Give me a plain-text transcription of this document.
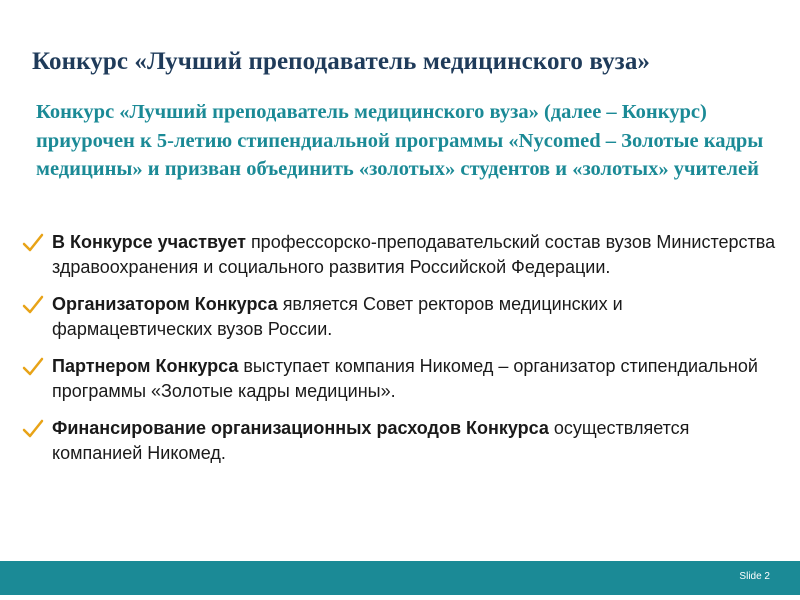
Конкурс «Лучший преподаватель медицинского вуза»
Конкурс «Лучший преподаватель медицинского вуза» (далее – Конкурс) приурочен к 5-летию стипендиальной программы «Nycomed – Золотые кадры медицины» и призван объединить «золотых» студентов и «золотых» учителей
В Конкурсе участвует профессорско-преподавательский состав вузов Министерства здравоохранения и социального развития Российской Федерации.
Организатором Конкурса является Совет ректоров медицинских и фармацевтических вузов России.
Партнером Конкурса выступает компания Никомед – организатор стипендиальной программы «Золотые кадры медицины».
Финансирование организационных расходов Конкурса осуществляется компанией Никомед.
Slide 2
